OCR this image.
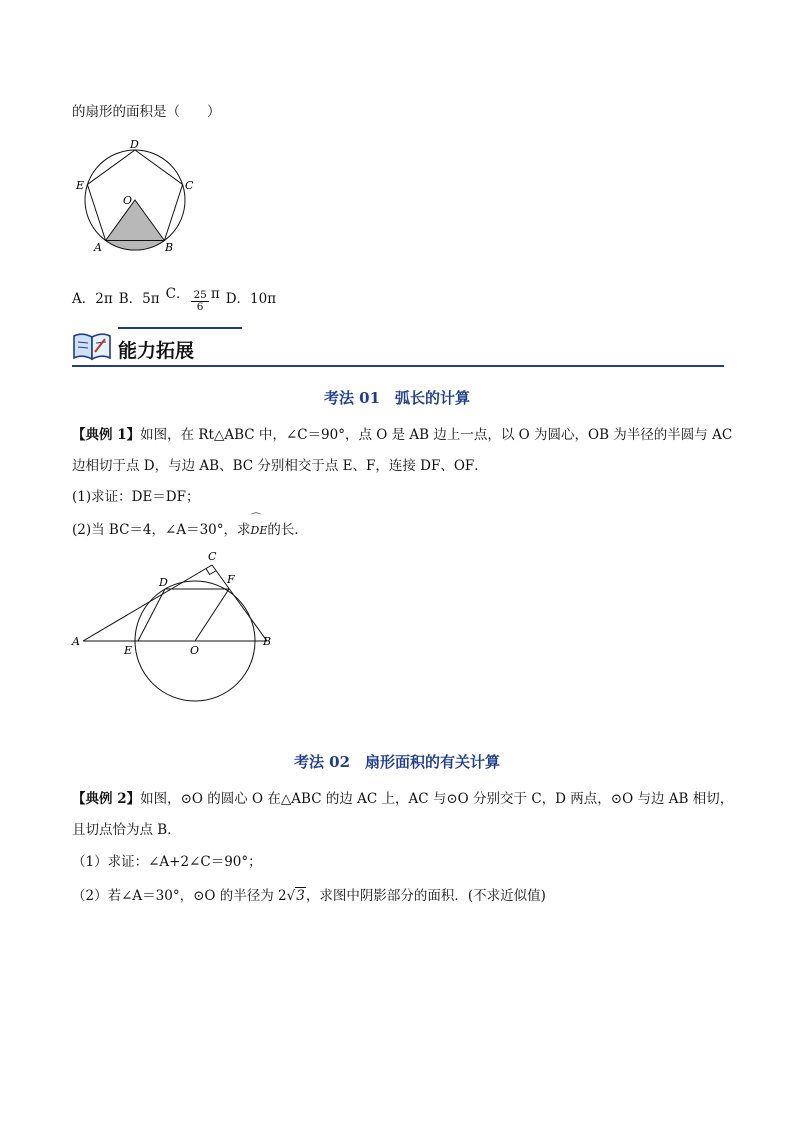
的扇形的面积是（　　）
D
E	C
O
A	B
A．2π B．5π C． $\frac{25}{6}$ π D．10π
能力拓展
考法 01　弧长的计算
【典例 1】如图，在 Rt△ABC 中，∠C＝90°，点 O 是 AB 边上一点，以 O 为圆心，OB 为半径的半圆与 AC
边相切于点 D，与边 AB、BC 分别相交于点 E、F，连接 DF、OF．
(1)求证：DE＝DF；
(2)当 BC＝4，∠A＝30°，求⌒ DE的长．
C
D	F
A
E	O
B
考法 02　扇形面积的有关计算
【典例 2】如图，⊙O 的圆心 O 在△ABC 的边 AC 上，AC 与⊙O 分别交于 C，D 两点，⊙O 与边 AB 相切，
且切点恰为点 B．
（1）求证：∠A+2∠C＝90°；
（2）若∠A＝30°，⊙O 的半径为 2√3，求图中阴影部分的面积．(不求近似值)
